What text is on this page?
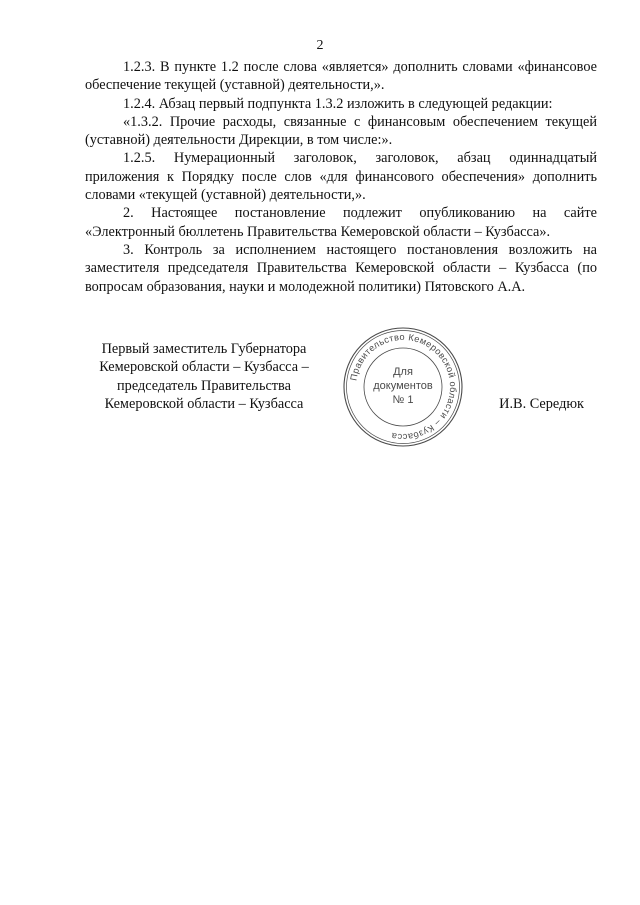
2

1.2.3. В пункте 1.2 после слова «является» дополнить словами «финансовое обеспечение текущей (уставной) деятельности,».

1.2.4. Абзац первый подпункта 1.3.2 изложить в следующей редакции:

«1.3.2. Прочие расходы, связанные с финансовым обеспечением текущей (уставной) деятельности Дирекции, в том числе:».

1.2.5. Нумерационный заголовок, заголовок, абзац одиннадцатый приложения к Порядку после слов «для финансового обеспечения» дополнить словами «текущей (уставной) деятельности,».

2. Настоящее постановление подлежит опубликованию на сайте «Электронный бюллетень Правительства Кемеровской области – Кузбасса».

3. Контроль за исполнением настоящего постановления возложить на заместителя председателя Правительства Кемеровской области – Кузбасса (по вопросам образования, науки и молодежной политики) Пятовского А.А.

Первый заместитель Губернатора
Кемеровской области – Кузбасса –
председатель Правительства
Кемеровской области – Кузбасса
Правительство Кемеровской области – Кузбасса
Для
документов
№ 1	И.В. Середюк
